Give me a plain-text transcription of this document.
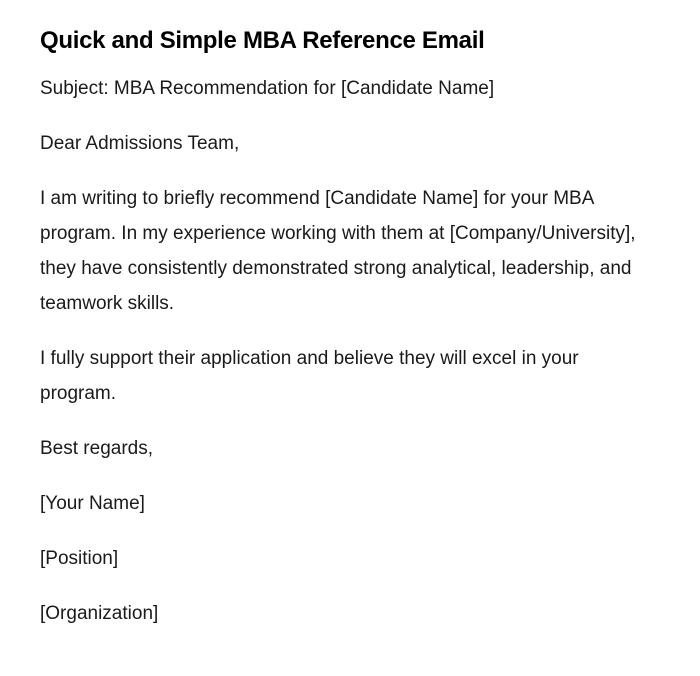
Quick and Simple MBA Reference Email

Subject: MBA Recommendation for [Candidate Name]

Dear Admissions Team,

I am writing to briefly recommend [Candidate Name] for your MBA program. In my experience working with them at [Company/University], they have consistently demonstrated strong analytical, leadership, and teamwork skills.

I fully support their application and believe they will excel in your program.

Best regards,

[Your Name]

[Position]

[Organization]
